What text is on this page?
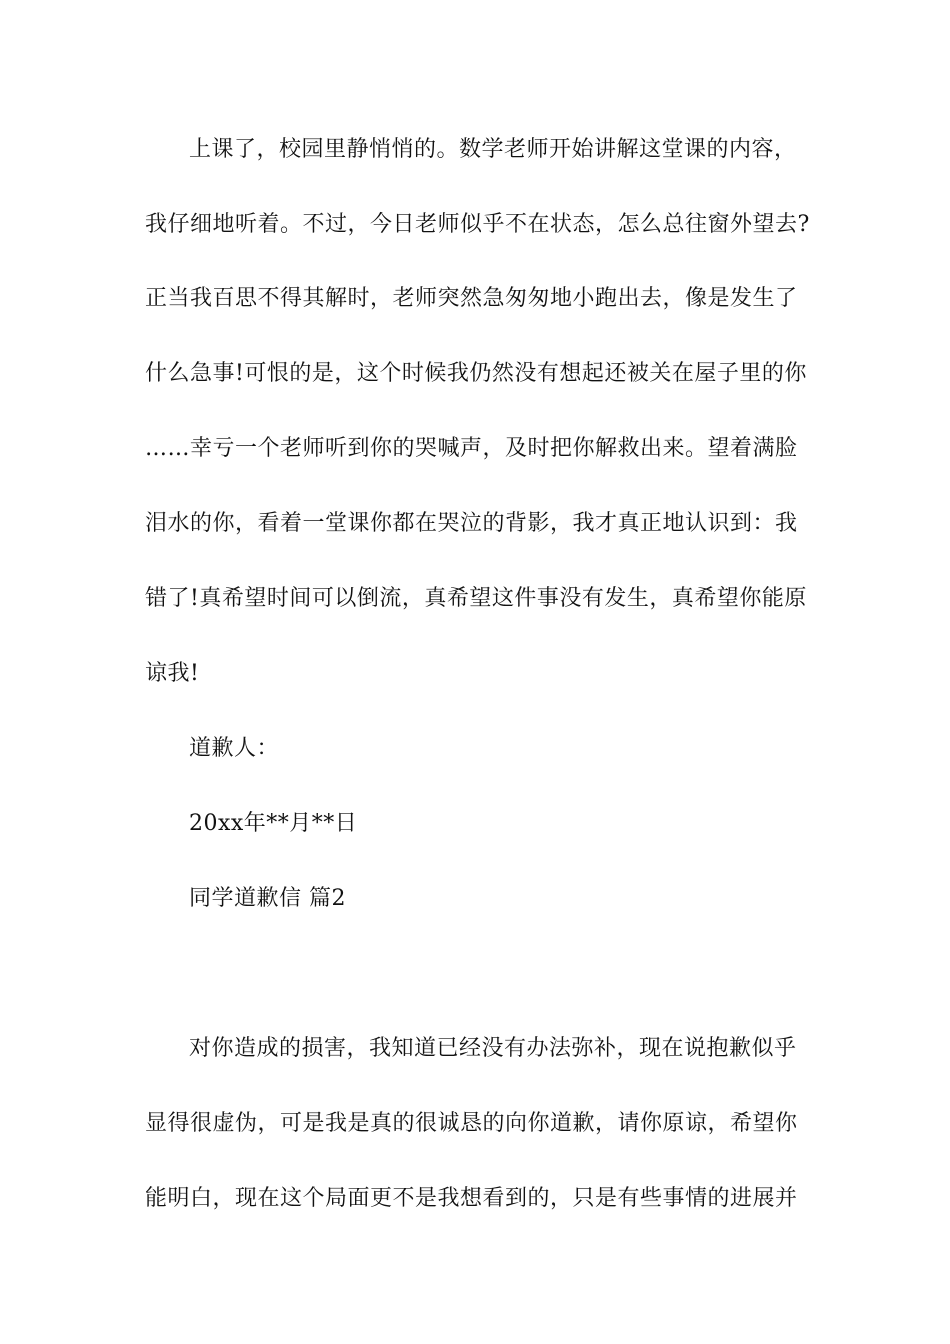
上课了，校园里静悄悄的。数学老师开始讲解这堂课的内容，
我仔细地听着。不过，今日老师似乎不在状态，怎么总往窗外望去?
正当我百思不得其解时，老师突然急匆匆地小跑出去，像是发生了
什么急事!可恨的是，这个时候我仍然没有想起还被关在屋子里的你
……幸亏一个老师听到你的哭喊声，及时把你解救出来。望着满脸
泪水的你，看着一堂课你都在哭泣的背影，我才真正地认识到：我
错了!真希望时间可以倒流，真希望这件事没有发生，真希望你能原
谅我!
道歉人：
20xx年**月**日
同学道歉信 篇2
对你造成的损害，我知道已经没有办法弥补，现在说抱歉似乎
显得很虚伪，可是我是真的很诚恳的向你道歉，请你原谅，希望你
能明白，现在这个局面更不是我想看到的，只是有些事情的进展并
